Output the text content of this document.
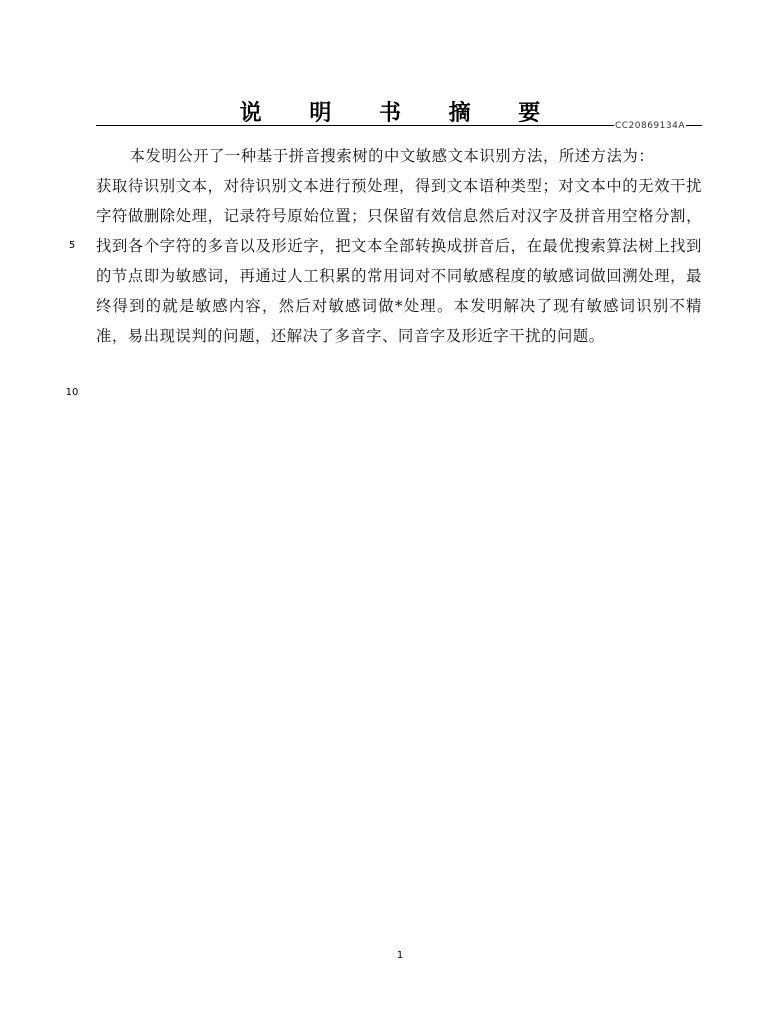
说 明 书 摘 要	CC20869134A

本发明公开了一种基于拼音搜索树的中文敏感文本识别方法，所述方法为：

获取待识别文本，对待识别文本进行预处理，得到文本语种类型；对文本中的无效干扰字符做删除处理，记录符号原始位置；只保留有效信息然后对汉字及拼音用空格分割，找到各个字符的多音以及形近字，把文本全部转换成拼音后，在最优搜索算法树上找到的节点即为敏感词，再通过人工积累的常用词对不同敏感程度的敏感词做回溯处理，最终得到的就是敏感内容，然后对敏感词做*处理。本发明解决了现有敏感词识别不精准，易出现误判的问题，还解决了多音字、同音字及形近字干扰的问题。

5
10
1
